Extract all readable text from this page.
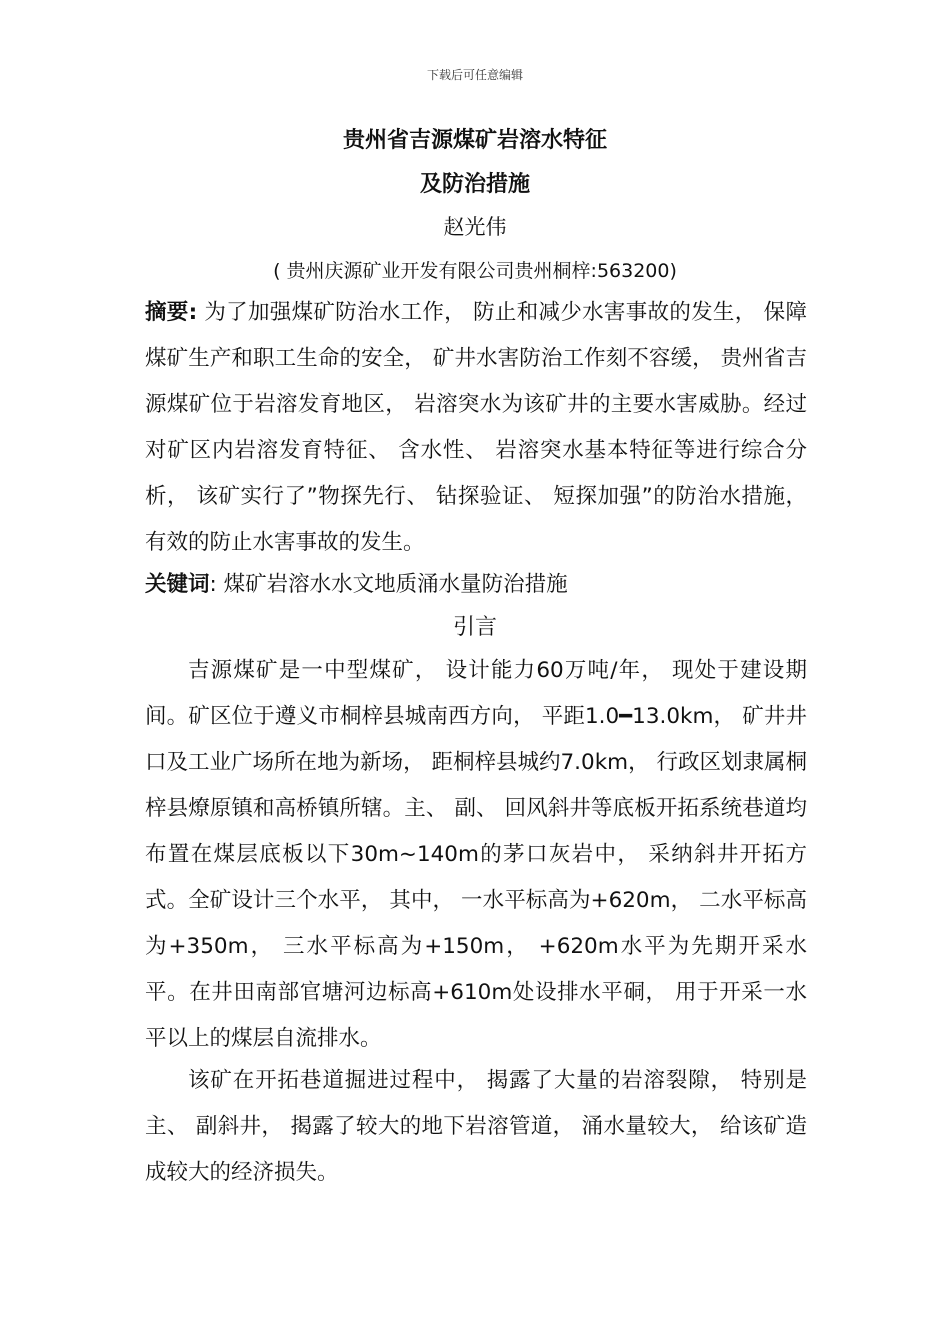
下载后可任意编辑
贵州省吉源煤矿岩溶水特征
及防治措施
赵光伟
( 贵州庆源矿业开发有限公司贵州桐梓:563200)

摘要: 为了加强煤矿防治水工作， 防止和减少水害事故的发生， 保障煤矿生产和职工生命的安全， 矿井水害防治工作刻不容缓， 贵州省吉源煤矿位于岩溶发育地区， 岩溶突水为该矿井的主要水害威胁。经过对矿区内岩溶发育特征、 含水性、 岩溶突水基本特征等进行综合分析， 该矿实行了”物探先行、 钻探验证、 短探加强”的防治水措施， 有效的防止水害事故的发生。

关键词: 煤矿岩溶水水文地质涌水量防治措施

引言

吉源煤矿是一中型煤矿， 设计能力60万吨/年， 现处于建设期间。矿区位于遵义市桐梓县城南西方向， 平距1.0━13.0km， 矿井井口及工业广场所在地为新场， 距桐梓县城约7.0km， 行政区划隶属桐梓县燎原镇和高桥镇所辖。主、 副、 回风斜井等底板开拓系统巷道均布置在煤层底板以下30m~140m的茅口灰岩中， 采纳斜井开拓方式。全矿设计三个水平， 其中， 一水平标高为+620m， 二水平标高为+350m， 三水平标高为+150m， +620m水平为先期开采水平。在井田南部官塘河边标高+610m处设排水平硐， 用于开采一水平以上的煤层自流排水。

该矿在开拓巷道掘进过程中， 揭露了大量的岩溶裂隙， 特别是主、 副斜井， 揭露了较大的地下岩溶管道， 涌水量较大， 给该矿造成较大的经济损失。
